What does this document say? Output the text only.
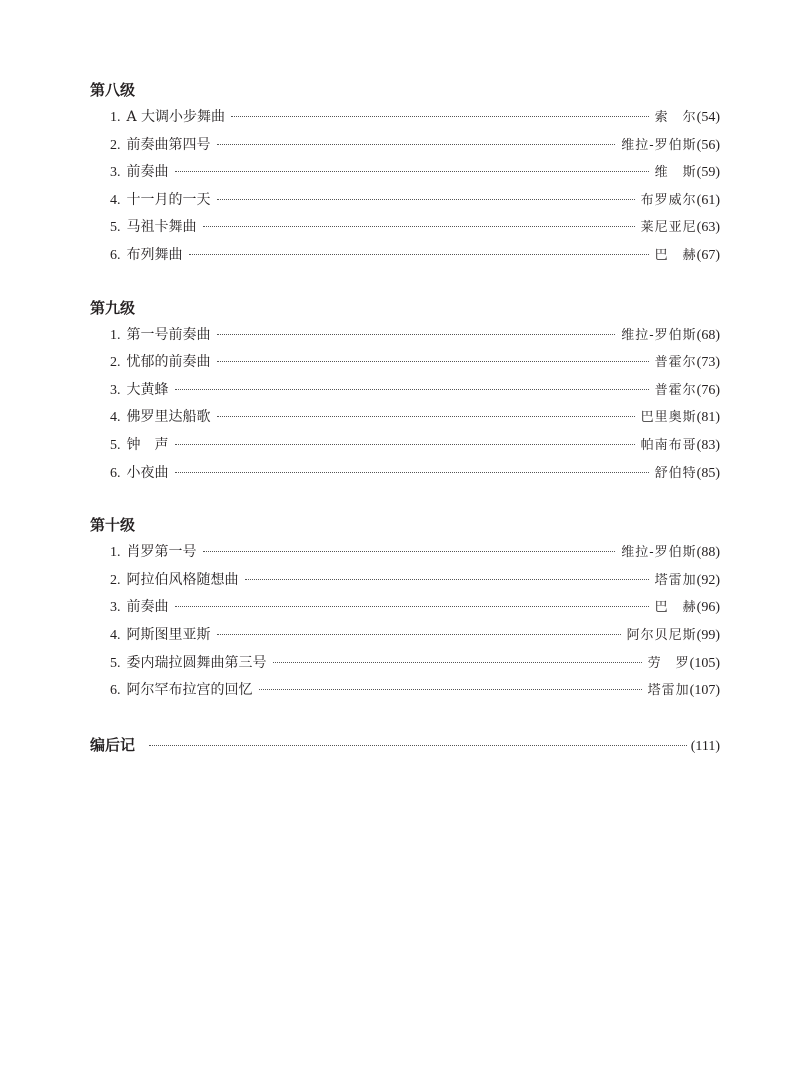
第八级
1. A 大调小步舞曲	索　尔 (54)
2. 前奏曲第四号	维拉-罗伯斯 (56)
3. 前奏曲	维　斯 (59)
4. 十一月的一天	布罗威尔 (61)
5. 马祖卡舞曲	莱尼亚尼 (63)
6. 布列舞曲	巴　赫 (67)
第九级
1. 第一号前奏曲	维拉-罗伯斯 (68)
2. 忧郁的前奏曲	普霍尔 (73)
3. 大黄蜂	普霍尔 (76)
4. 佛罗里达船歌	巴里奥斯 (81)
5. 钟　声	帕南布哥 (83)
6. 小夜曲	舒伯特 (85)
第十级
1. 肖罗第一号	维拉-罗伯斯 (88)
2. 阿拉伯风格随想曲	塔雷加 (92)
3. 前奏曲	巴　赫 (96)
4. 阿斯图里亚斯	阿尔贝尼斯 (99)
5. 委内瑞拉圆舞曲第三号	劳　罗 (105)
6. 阿尔罕布拉宫的回忆	塔雷加 (107)
编后记	(111)
